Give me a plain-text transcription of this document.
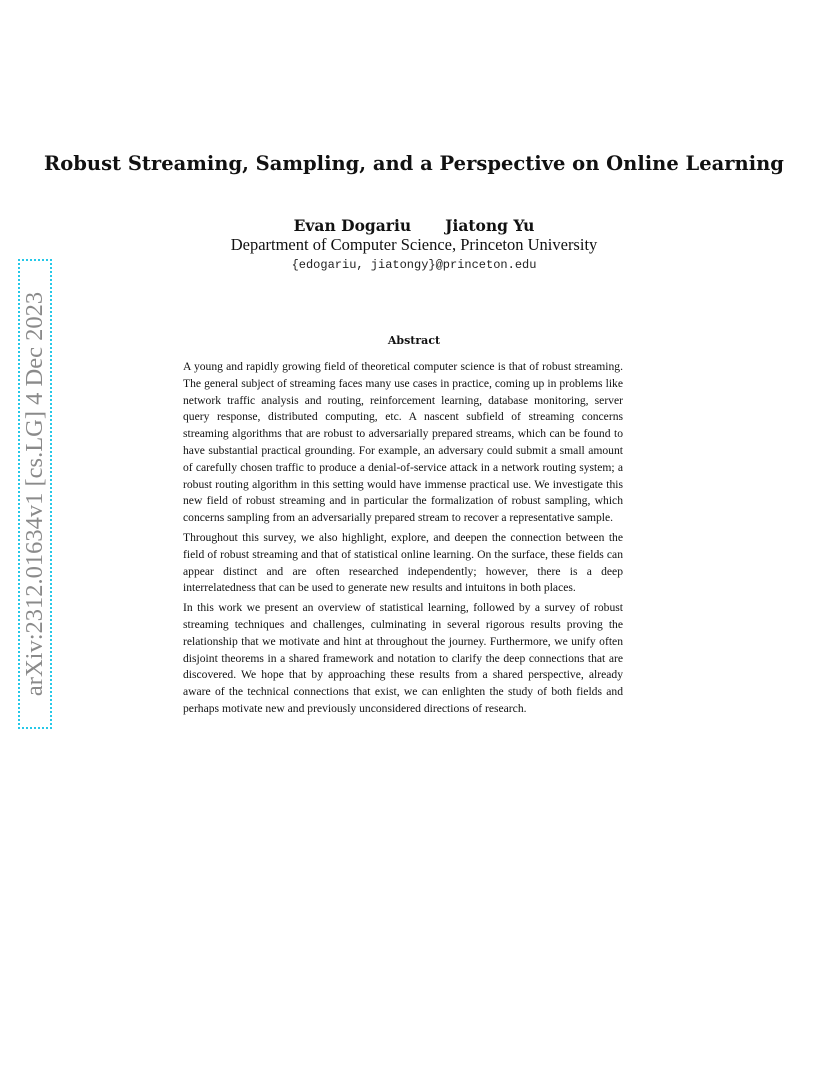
arXiv:2312.01634v1 [cs.LG] 4 Dec 2023
Robust Streaming, Sampling, and a Perspective on Online Learning
Evan Dogariu Jiatong Yu
Department of Computer Science, Princeton University
{edogariu, jiatongy}@princeton.edu
Abstract

A young and rapidly growing field of theoretical computer science is that of robust streaming. The general subject of streaming faces many use cases in practice, coming up in problems like network traffic analysis and routing, reinforcement learning, database monitoring, server query response, distributed computing, etc. A nascent subfield of streaming concerns streaming algorithms that are robust to adversarially prepared streams, which can be found to have substantial practical grounding. For example, an adversary could submit a small amount of carefully chosen traffic to produce a denial-of-service attack in a network routing system; a robust routing algorithm in this setting would have immense practical use. We investigate this new field of robust streaming and in particular the formalization of robust sampling, which concerns sampling from an adversarially prepared stream to recover a representative sample.

Throughout this survey, we also highlight, explore, and deepen the connection between the field of robust streaming and that of statistical online learning. On the surface, these fields can appear distinct and are often researched independently; however, there is a deep interrelatedness that can be used to generate new results and intuitons in both places.

In this work we present an overview of statistical learning, followed by a survey of robust streaming techniques and challenges, culminating in several rigorous results proving the relationship that we motivate and hint at throughout the journey. Furthermore, we unify often disjoint theorems in a shared framework and notation to clarify the deep connections that are discovered. We hope that by approaching these results from a shared perspective, already aware of the technical connections that exist, we can enlighten the study of both fields and perhaps motivate new and previously unconsidered directions of research.
